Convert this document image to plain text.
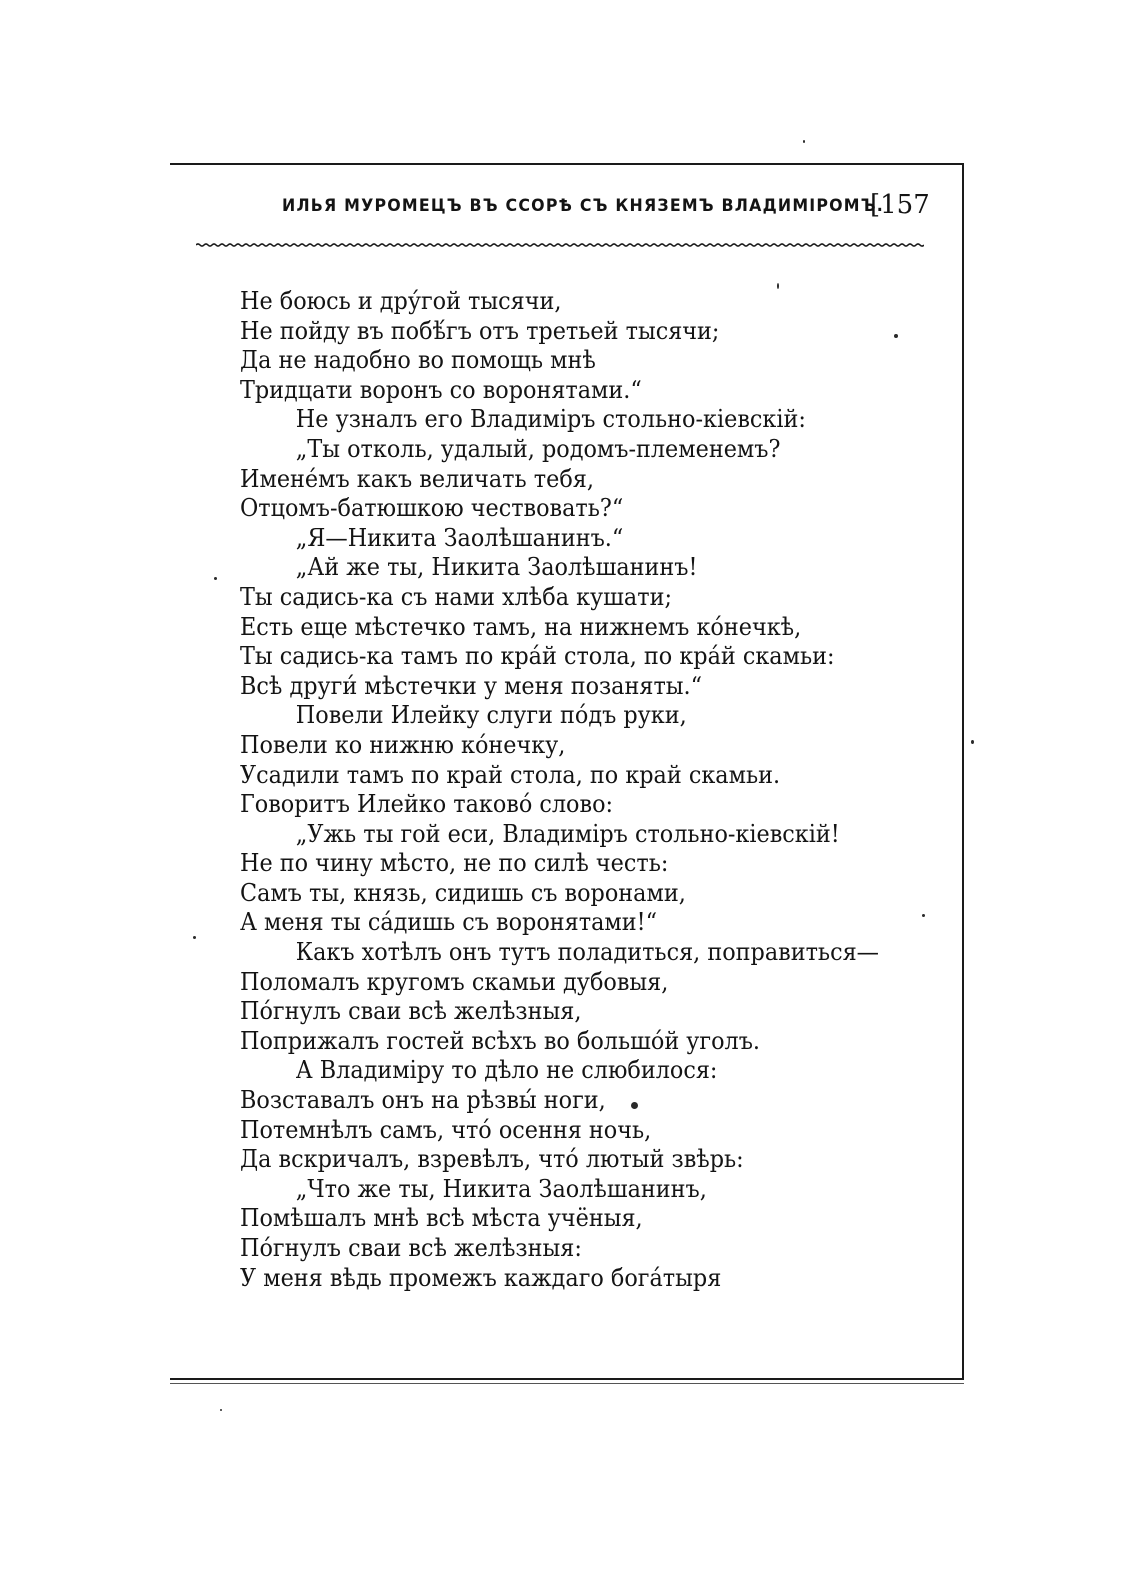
ИЛЬЯ МУРОМЕЦЪ ВЪ ССОРѢ СЪ КНЯЗЕМЪ ВЛАДИМІРОМЪ.
[157
Не боюсь и дру́гой тысячи,
Не пойду въ побѣ́гъ отъ третьей тысячи;
Да не надобно во помощь мнѣ
Тридцати воронъ со воронятами.“
Не узналъ его Владимiръ стольно-кiевскiй:
„Ты отколь, удалый, родомъ-племенемъ?
Именéмъ какъ величать тебя,
Отцомъ-батюшкою чествовать?“
„Я—Никита Заолѣшанинъ.“
„Ай же ты, Никита Заолѣшанинъ!
Ты садись-ка съ нами хлѣба кушати;
Есть еще мѣстечко тамъ, на нижнемъ ко́нечкѣ,
Ты садись-ка тамъ по кра́й стола, по кра́й скамьи:
Всѣ други́ мѣстечки у меня позаняты.“
Повели Илейку слуги по́дъ руки,
Повели ко нижню ко́нечку,
Усадили тамъ по край стола, по край скамьи.
Говоритъ Илейко таково́ слово:
„Ужь ты гой еси, Владимiръ стольно-кiевскiй!
Не по чину мѣсто, не по силѣ честь:
Самъ ты, князь, сидишь съ воронами,
А меня ты са́дишь съ воронятами!“
Какъ хотѣлъ онъ тутъ поладиться, поправиться—
Поломалъ кругомъ скамьи дубовыя,
По́гнулъ сваи всѣ желѣзныя,
Поприжалъ гостей всѣхъ во большо́й уголъ.
А Владимiру то дѣло не слюбилося:
Возставалъ онъ на рѣзвы́ ноги,
Потемнѣлъ самъ, что́ осення ночь,
Да вскричалъ, взревѣлъ, что́ лютый звѣрь:
„Что же ты, Никита Заолѣшанинъ,
Помѣшалъ мнѣ всѣ мѣста учёныя,
По́гнулъ сваи всѣ желѣзныя:
У меня вѣдь промежъ каждаго бога́тыря
